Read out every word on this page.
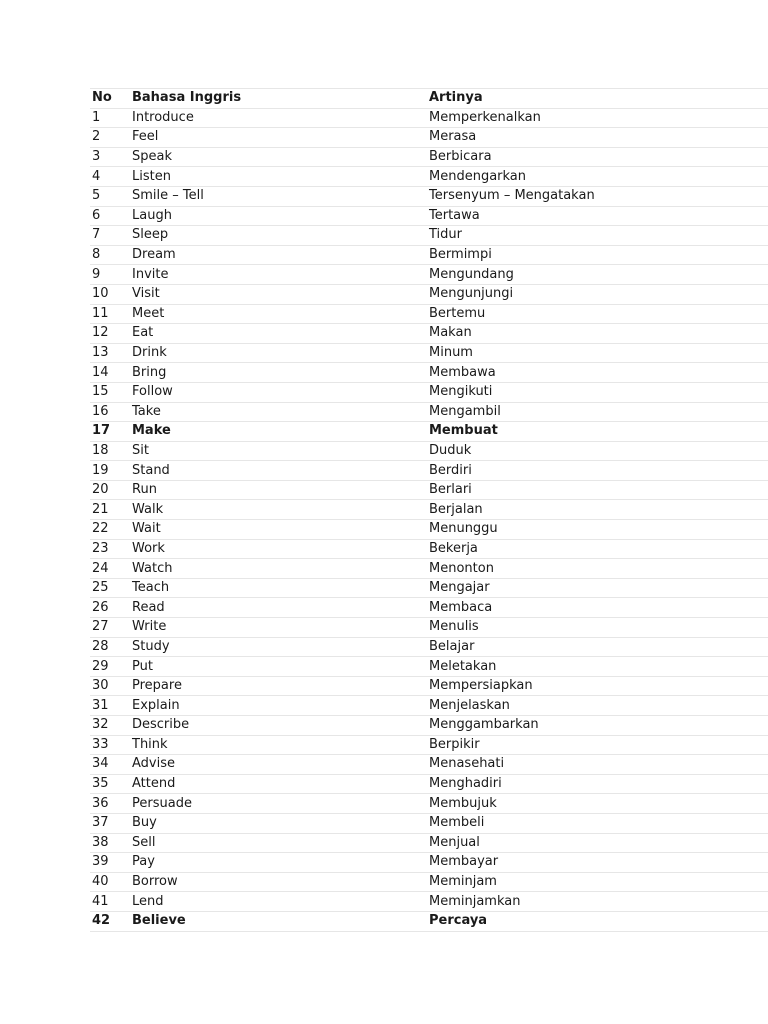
No	Bahasa Inggris	Artinya
1	Introduce	Memperkenalkan
2	Feel	Merasa
3	Speak	Berbicara
4	Listen	Mendengarkan
5	Smile – Tell	Tersenyum – Mengatakan
6	Laugh	Tertawa
7	Sleep	Tidur
8	Dream	Bermimpi
9	Invite	Mengundang
10	Visit	Mengunjungi
11	Meet	Bertemu
12	Eat	Makan
13	Drink	Minum
14	Bring	Membawa
15	Follow	Mengikuti
16	Take	Mengambil
17	Make	Membuat
18	Sit	Duduk
19	Stand	Berdiri
20	Run	Berlari
21	Walk	Berjalan
22	Wait	Menunggu
23	Work	Bekerja
24	Watch	Menonton
25	Teach	Mengajar
26	Read	Membaca
27	Write	Menulis
28	Study	Belajar
29	Put	Meletakan
30	Prepare	Mempersiapkan
31	Explain	Menjelaskan
32	Describe	Menggambarkan
33	Think	Berpikir
34	Advise	Menasehati
35	Attend	Menghadiri
36	Persuade	Membujuk
37	Buy	Membeli
38	Sell	Menjual
39	Pay	Membayar
40	Borrow	Meminjam
41	Lend	Meminjamkan
42	Believe	Percaya
